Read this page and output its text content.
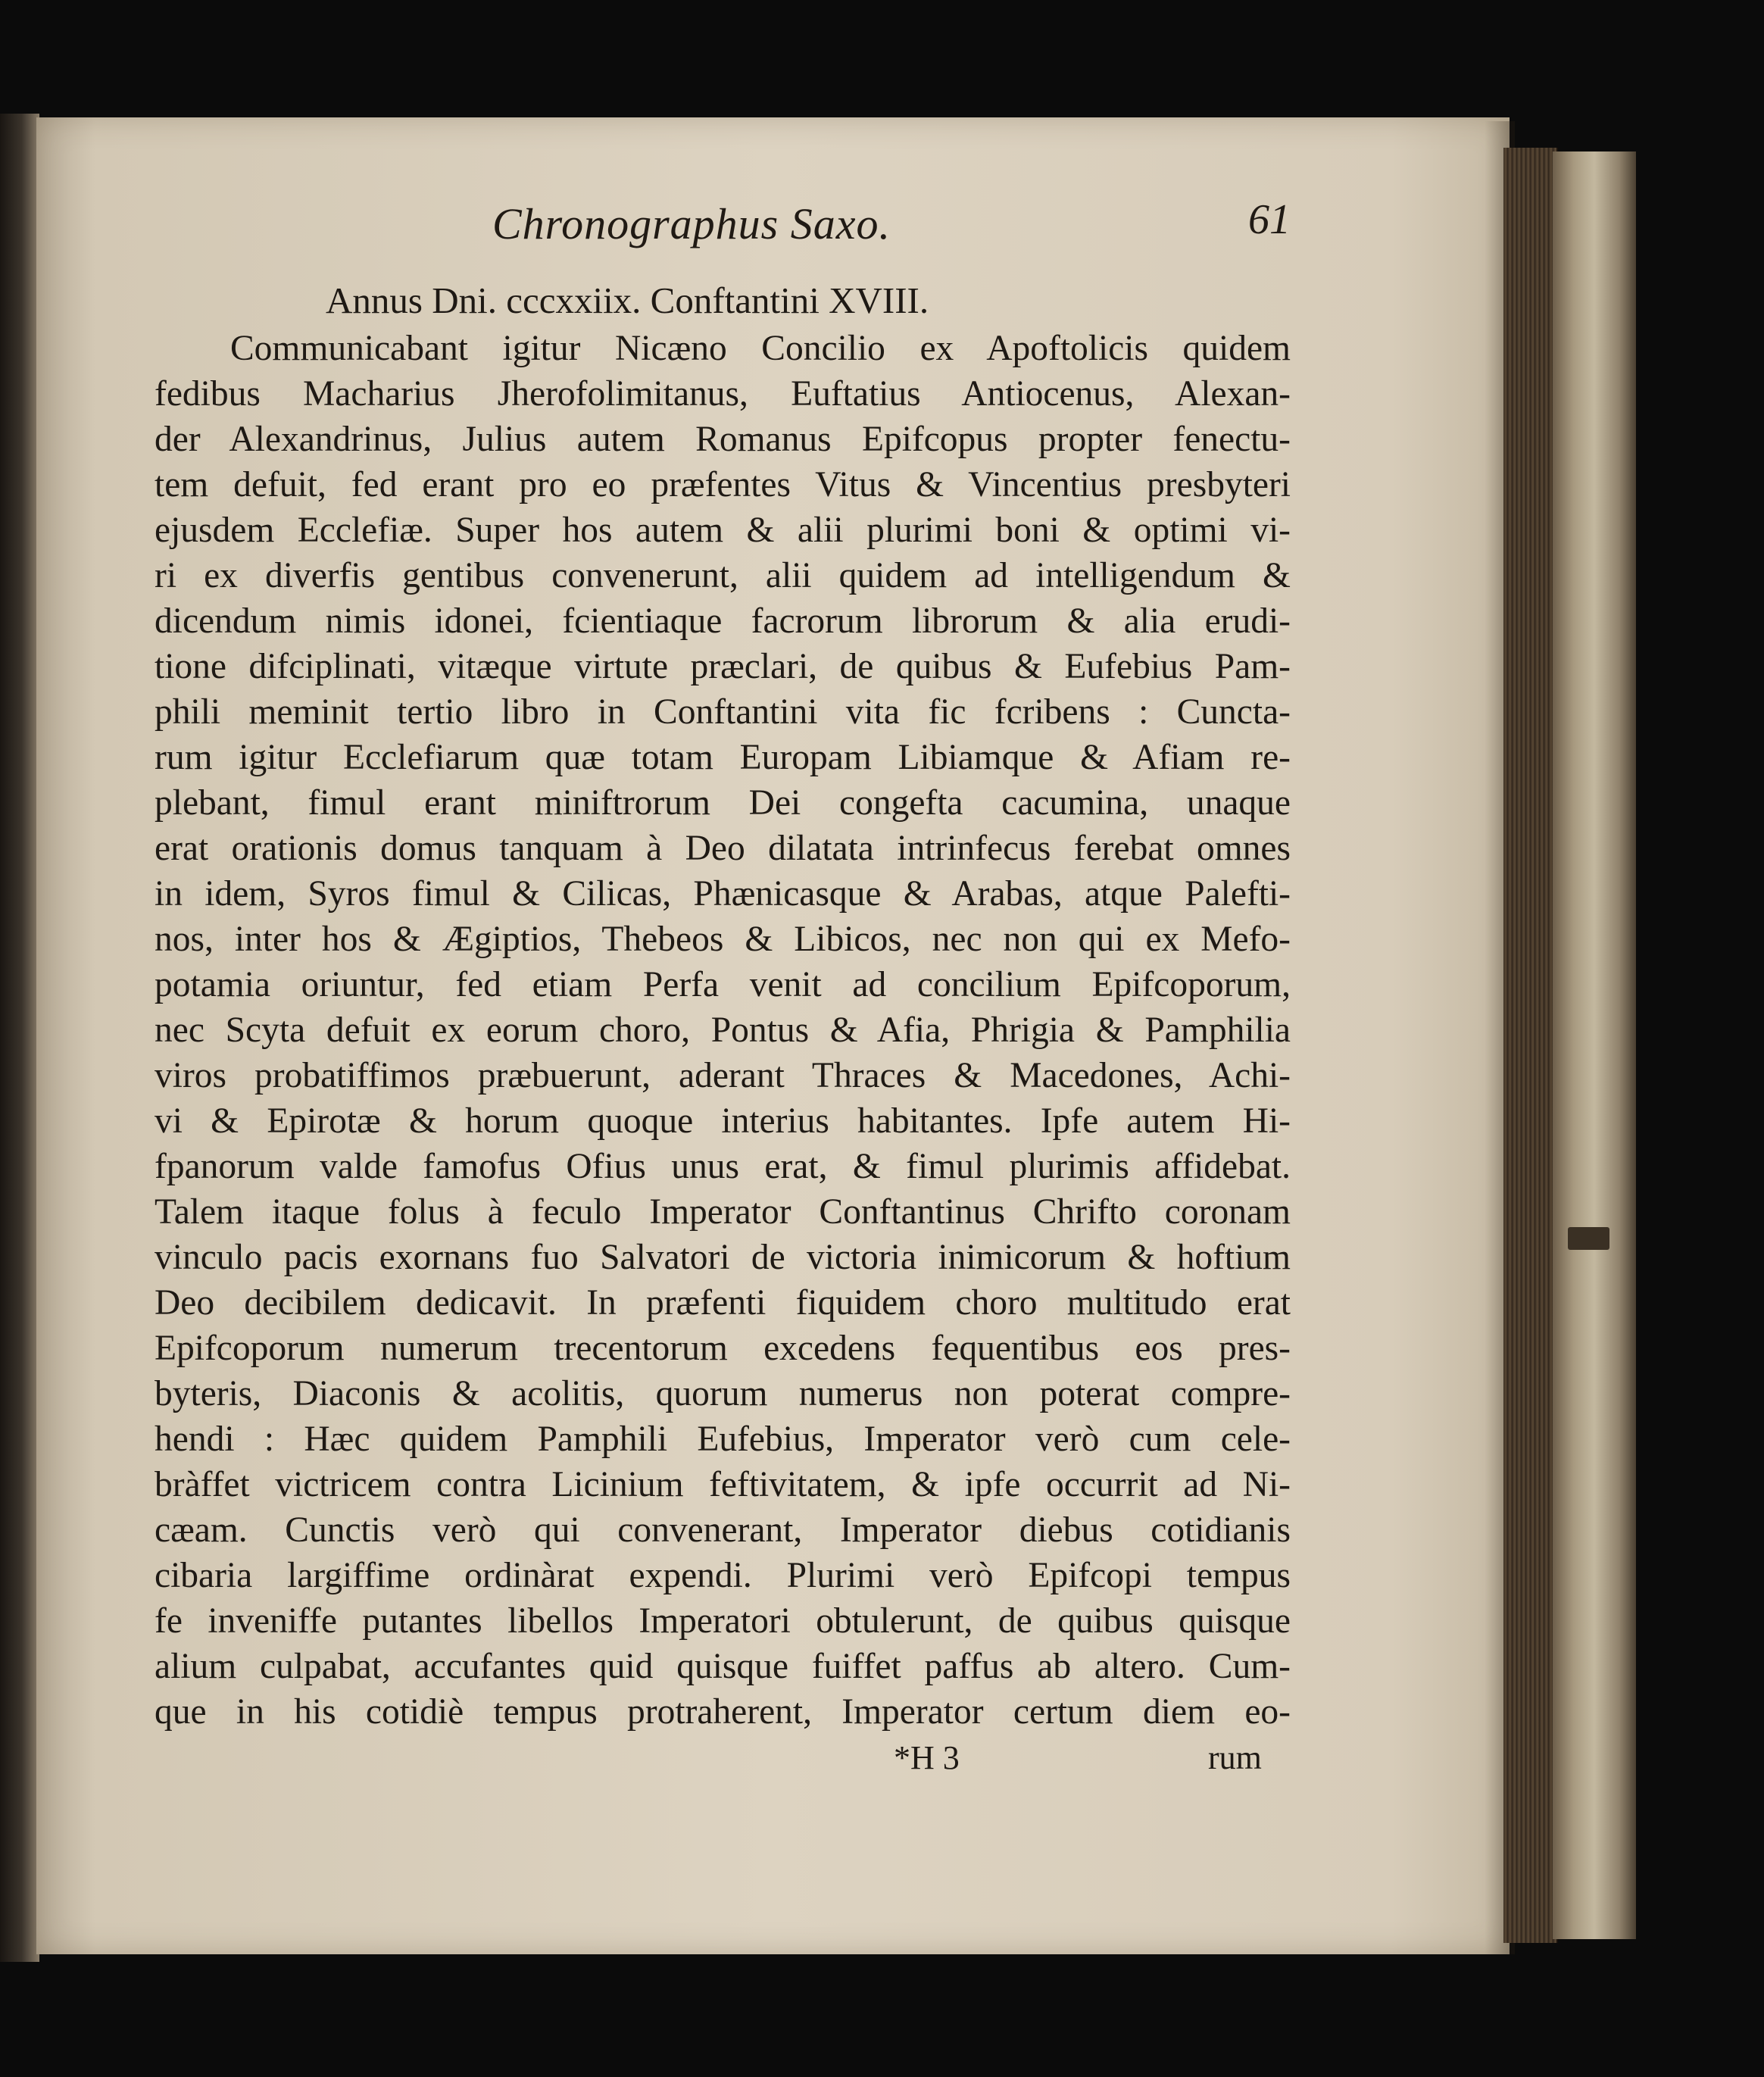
Chronographus Saxo.	61
Annus Dni. cccxxiix. Conftantini XVIII.
Communicabant igitur Nicæno Concilio ex Apoftolicis quidem
fedibus Macharius Jherofolimitanus, Euftatius Antiocenus, Alexan-
der Alexandrinus, Julius autem Romanus Epifcopus propter fenectu-
tem defuit, fed erant pro eo præfentes Vitus & Vincentius presbyteri
ejusdem Ecclefiæ. Super hos autem & alii plurimi boni & optimi vi-
ri ex diverfis gentibus convenerunt, alii quidem ad intelligendum &
dicendum nimis idonei, fcientiaque facrorum librorum & alia erudi-
tione difciplinati, vitæque virtute præclari, de quibus & Eufebius Pam-
phili meminit tertio libro in Conftantini vita fic fcribens : Cuncta-
rum igitur Ecclefiarum quæ totam Europam Libiamque & Afiam re-
plebant, fimul erant miniftrorum Dei congefta cacumina, unaque
erat orationis domus tanquam à Deo dilatata intrinfecus ferebat omnes
in idem, Syros fimul & Cilicas, Phænicasque & Arabas, atque Palefti-
nos, inter hos & Ægiptios, Thebeos & Libicos, nec non qui ex Mefo-
potamia oriuntur, fed etiam Perfa venit ad concilium Epifcoporum,
nec Scyta defuit ex eorum choro, Pontus & Afia, Phrigia & Pamphilia
viros probatiffimos præbuerunt, aderant Thraces & Macedones, Achi-
vi & Epirotæ & horum quoque interius habitantes. Ipfe autem Hi-
fpanorum valde famofus Ofius unus erat, & fimul plurimis affidebat.
Talem itaque folus à feculo Imperator Conftantinus Chrifto coronam
vinculo pacis exornans fuo Salvatori de victoria inimicorum & hoftium
Deo decibilem dedicavit. In præfenti fiquidem choro multitudo erat
Epifcoporum numerum trecentorum excedens fequentibus eos pres-
byteris, Diaconis & acolitis, quorum numerus non poterat compre-
hendi : Hæc quidem Pamphili Eufebius, Imperator verò cum cele-
bràffet victricem contra Licinium feftivitatem, & ipfe occurrit ad Ni-
cæam. Cunctis verò qui convenerant, Imperator diebus cotidianis
cibaria largiffime ordinàrat expendi. Plurimi verò Epifcopi tempus
fe inveniffe putantes libellos Imperatori obtulerunt, de quibus quisque
alium culpabat, accufantes quid quisque fuiffet paffus ab altero. Cum-
que in his cotidiè tempus protraherent, Imperator certum diem eo-
*H 3	rum
